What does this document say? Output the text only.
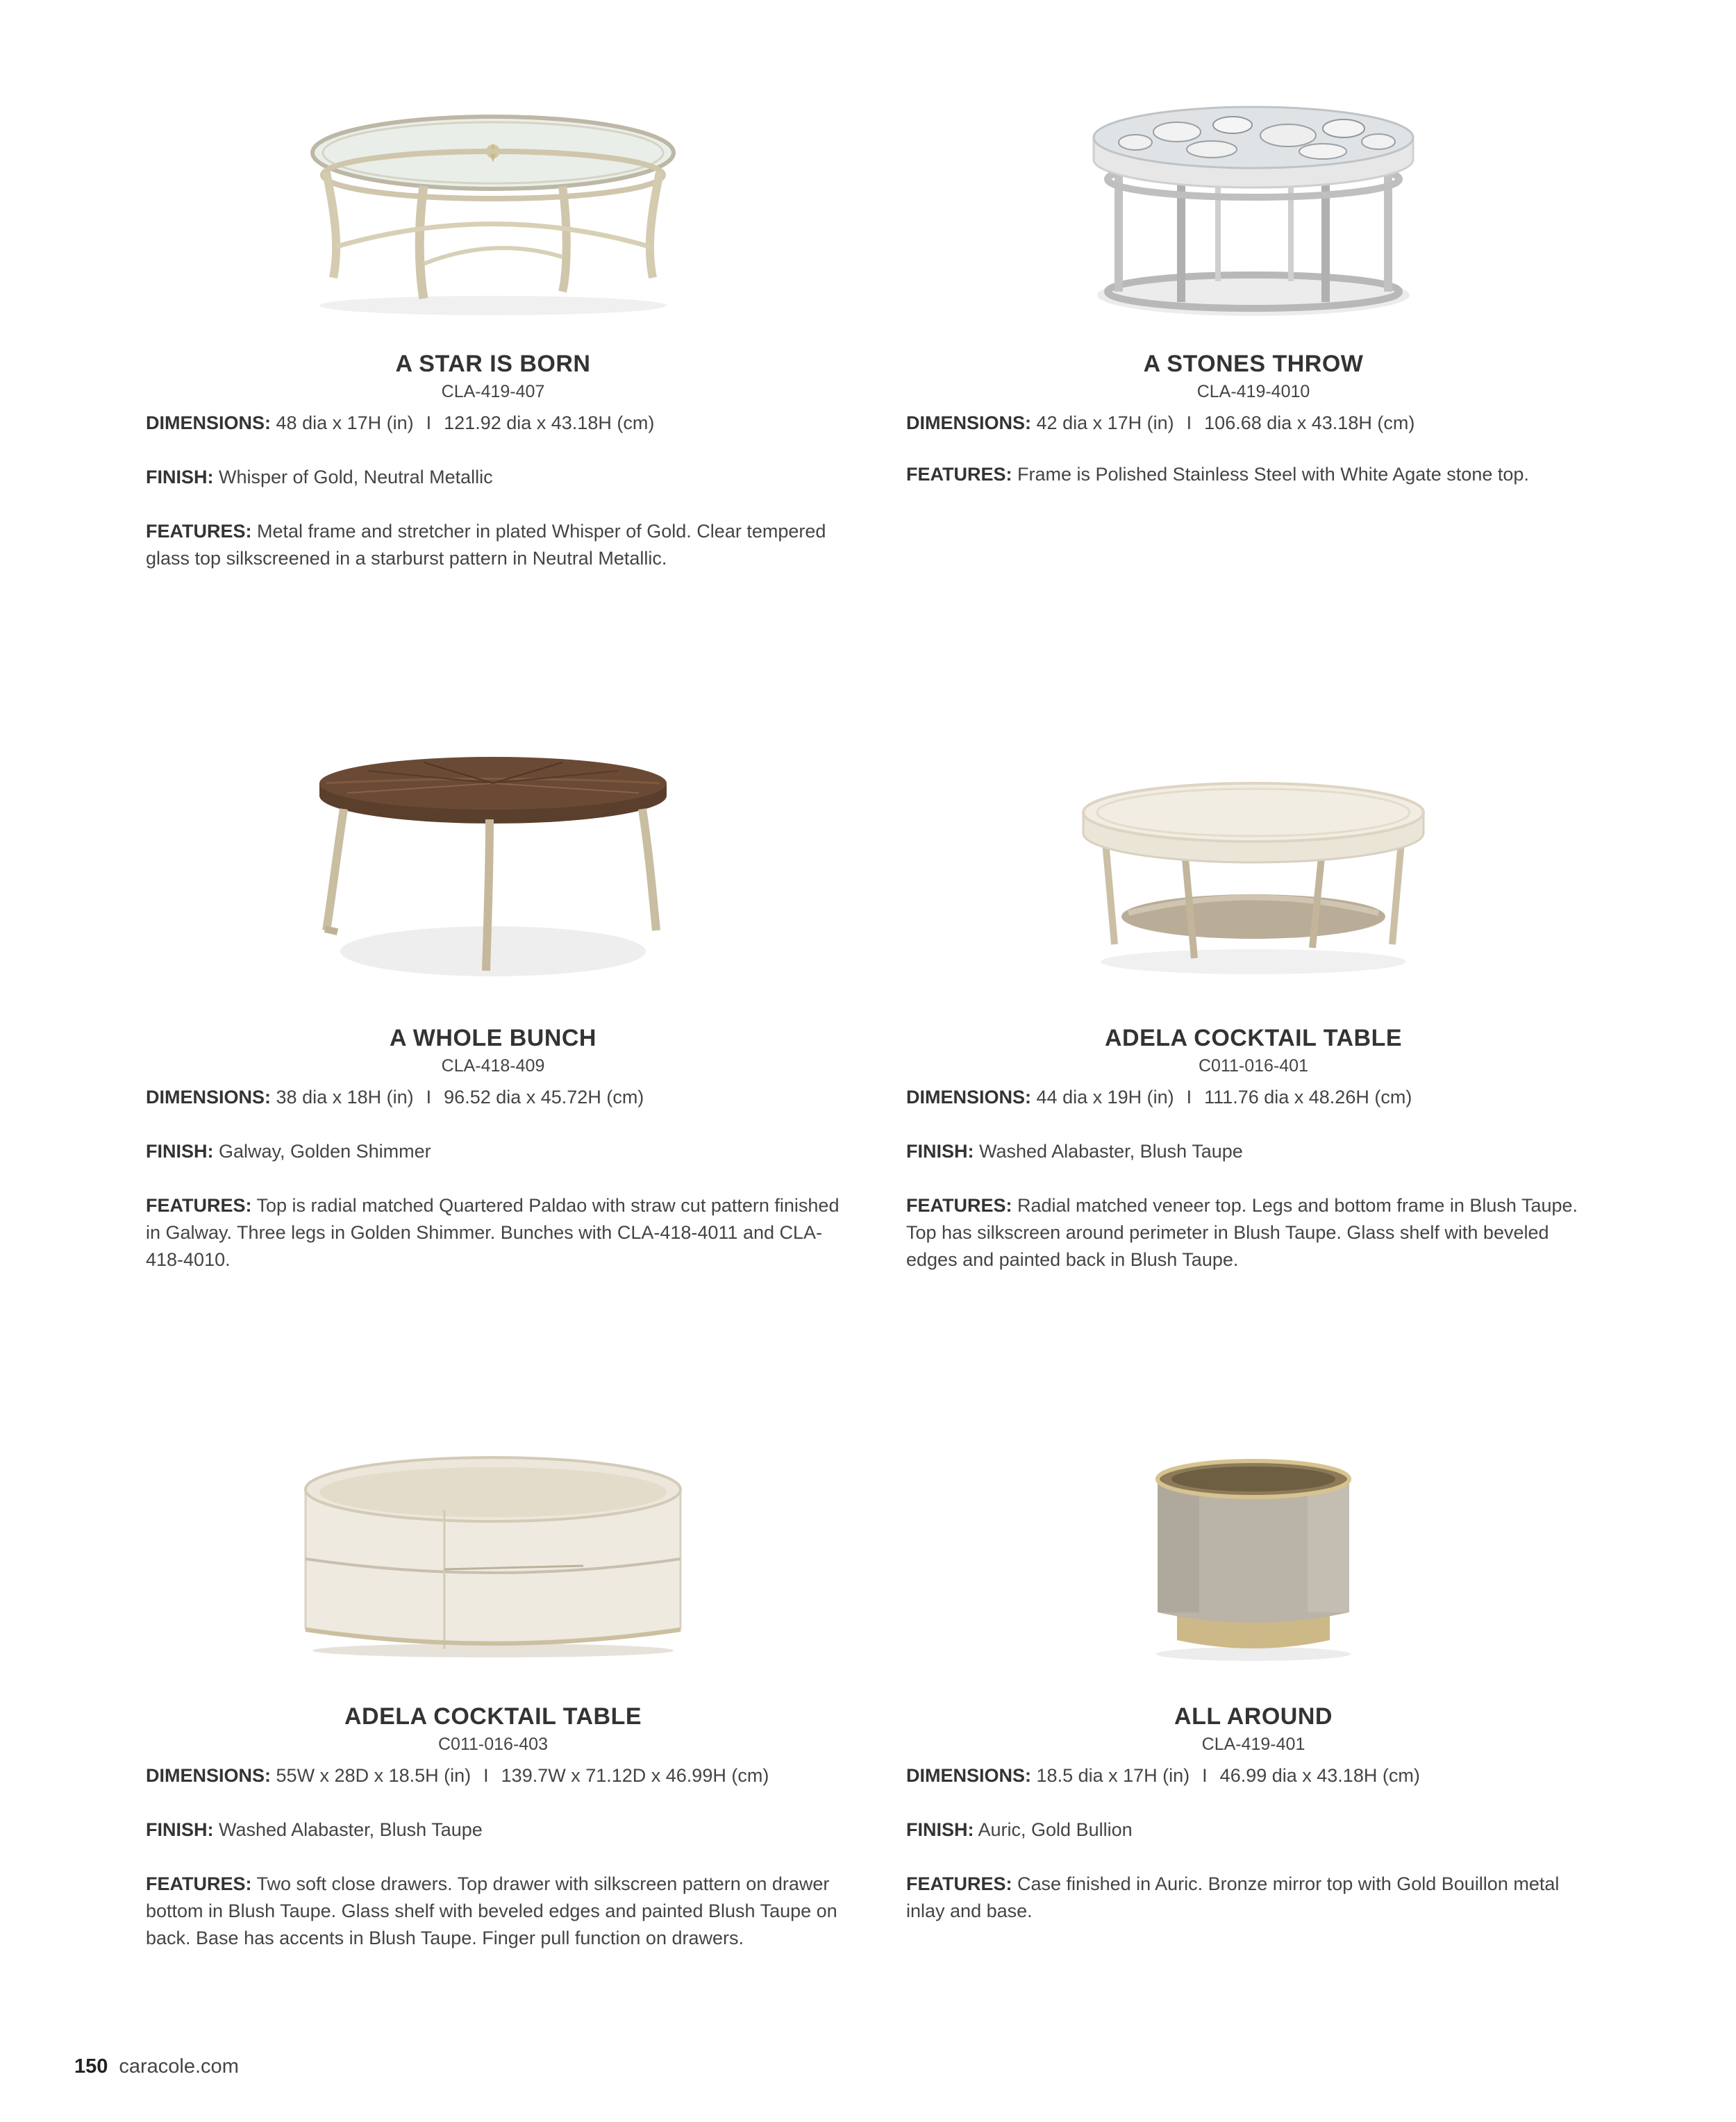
A STAR IS BORN
CLA-419-407
DIMENSIONS: 48 dia x 17H (in) I 121.92 dia x 43.18H (cm)
FINISH: Whisper of Gold, Neutral Metallic
FEATURES: Metal frame and stretcher in plated Whisper of Gold. Clear tempered glass top silkscreened in a starburst pattern in Neutral Metallic.
A STONES THROW
CLA-419-4010
DIMENSIONS: 42 dia x 17H (in) I 106.68 dia x 43.18H (cm)
FEATURES: Frame is Polished Stainless Steel with White Agate stone top.
A WHOLE BUNCH
CLA-418-409
DIMENSIONS: 38 dia x 18H (in) I 96.52 dia x 45.72H (cm)
FINISH: Galway, Golden Shimmer
FEATURES: Top is radial matched Quartered Paldao with straw cut pattern finished in Galway. Three legs in Golden Shimmer. Bunches with CLA-418-4011 and CLA-418-4010.
ADELA COCKTAIL TABLE
C011-016-401
DIMENSIONS: 44 dia x 19H (in) I 111.76 dia x 48.26H (cm)
FINISH: Washed Alabaster, Blush Taupe
FEATURES: Radial matched veneer top. Legs and bottom frame in Blush Taupe. Top has silkscreen around perimeter in Blush Taupe. Glass shelf with beveled edges and painted back in Blush Taupe.
ADELA COCKTAIL TABLE
C011-016-403
DIMENSIONS: 55W x 28D x 18.5H (in) I 139.7W x 71.12D x 46.99H (cm)
FINISH: Washed Alabaster, Blush Taupe
FEATURES: Two soft close drawers. Top drawer with silkscreen pattern on drawer bottom in Blush Taupe. Glass shelf with beveled edges and painted Blush Taupe on back. Base has accents in Blush Taupe. Finger pull function on drawers.
ALL AROUND
CLA-419-401
DIMENSIONS: 18.5 dia x 17H (in) I 46.99 dia x 43.18H (cm)
FINISH: Auric, Gold Bullion
FEATURES: Case finished in Auric. Bronze mirror top with Gold Bouillon metal inlay and base.
150 caracole.com
